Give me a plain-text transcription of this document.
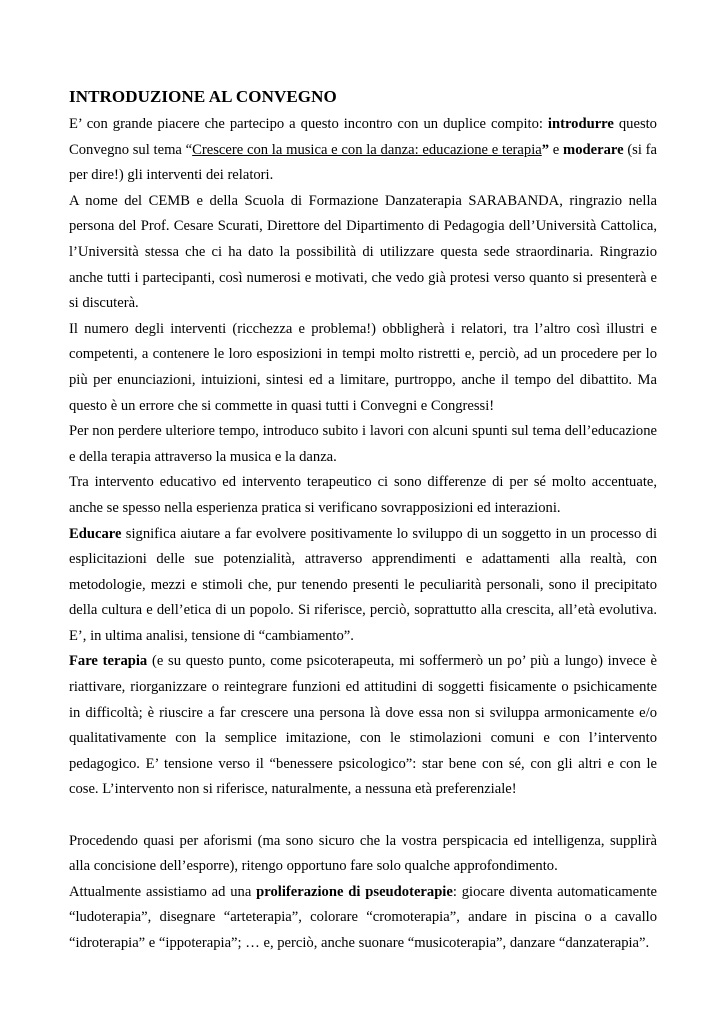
INTRODUZIONE AL CONVEGNO

E’ con grande piacere che partecipo a questo incontro con un duplice compito: introdurre questo Convegno sul tema “Crescere con la musica e con la danza: educazione e terapia” e moderare (si fa per dire!) gli interventi dei relatori.

A nome del CEMB e della Scuola di Formazione Danzaterapia SARABANDA, ringrazio nella persona del Prof. Cesare Scurati, Direttore del Dipartimento di Pedagogia dell’Università Cattolica, l’Università stessa che ci ha dato la possibilità di utilizzare questa sede straordinaria. Ringrazio anche tutti i partecipanti, così numerosi e motivati, che vedo già protesi verso quanto si presenterà e si discuterà.

Il numero degli interventi (ricchezza e problema!) obbligherà i relatori, tra l’altro così illustri e competenti, a contenere le loro esposizioni in tempi molto ristretti e, perciò, ad un procedere per lo più per enunciazioni, intuizioni, sintesi ed a limitare, purtroppo, anche il tempo del dibattito. Ma questo è un errore che si commette in quasi tutti i Convegni e Congressi!

Per non perdere ulteriore tempo, introduco subito i lavori con alcuni spunti sul tema dell’educazione e della terapia attraverso la musica e la danza.

Tra intervento educativo ed intervento terapeutico ci sono differenze di per sé molto accentuate, anche se spesso nella esperienza pratica si verificano sovrapposizioni ed interazioni.

Educare significa aiutare a far evolvere positivamente lo sviluppo di un soggetto in un processo di esplicitazioni delle sue potenzialità, attraverso apprendimenti e adattamenti alla realtà, con metodologie, mezzi e stimoli che, pur tenendo presenti le peculiarità personali, sono il precipitato della cultura e dell’etica di un popolo. Si riferisce, perciò, soprattutto alla crescita, all’età evolutiva. E’, in ultima analisi, tensione di “cambiamento”.

Fare terapia (e su questo punto, come psicoterapeuta, mi soffermerò un po’ più a lungo) invece è riattivare, riorganizzare o reintegrare funzioni ed attitudini di soggetti fisicamente o psichicamente in difficoltà; è riuscire a far crescere una persona là dove essa non si sviluppa armonicamente e/o qualitativamente con la semplice imitazione, con le stimolazioni comuni e con l’intervento pedagogico. E’ tensione verso il “benessere psicologico”: star bene con sé, con gli altri e con le cose. L’intervento non si riferisce, naturalmente, a nessuna età preferenziale!

Procedendo quasi per aforismi (ma sono sicuro che la vostra perspicacia ed intelligenza, supplirà alla concisione dell’esporre), ritengo opportuno fare solo qualche approfondimento.

Attualmente assistiamo ad una proliferazione di pseudoterapie: giocare diventa automaticamente “ludoterapia”, disegnare “arteterapia”, colorare “cromoterapia”, andare in piscina o a cavallo “idroterapia” e “ippoterapia”; … e, perciò, anche suonare “musicoterapia”, danzare “danzaterapia”.
